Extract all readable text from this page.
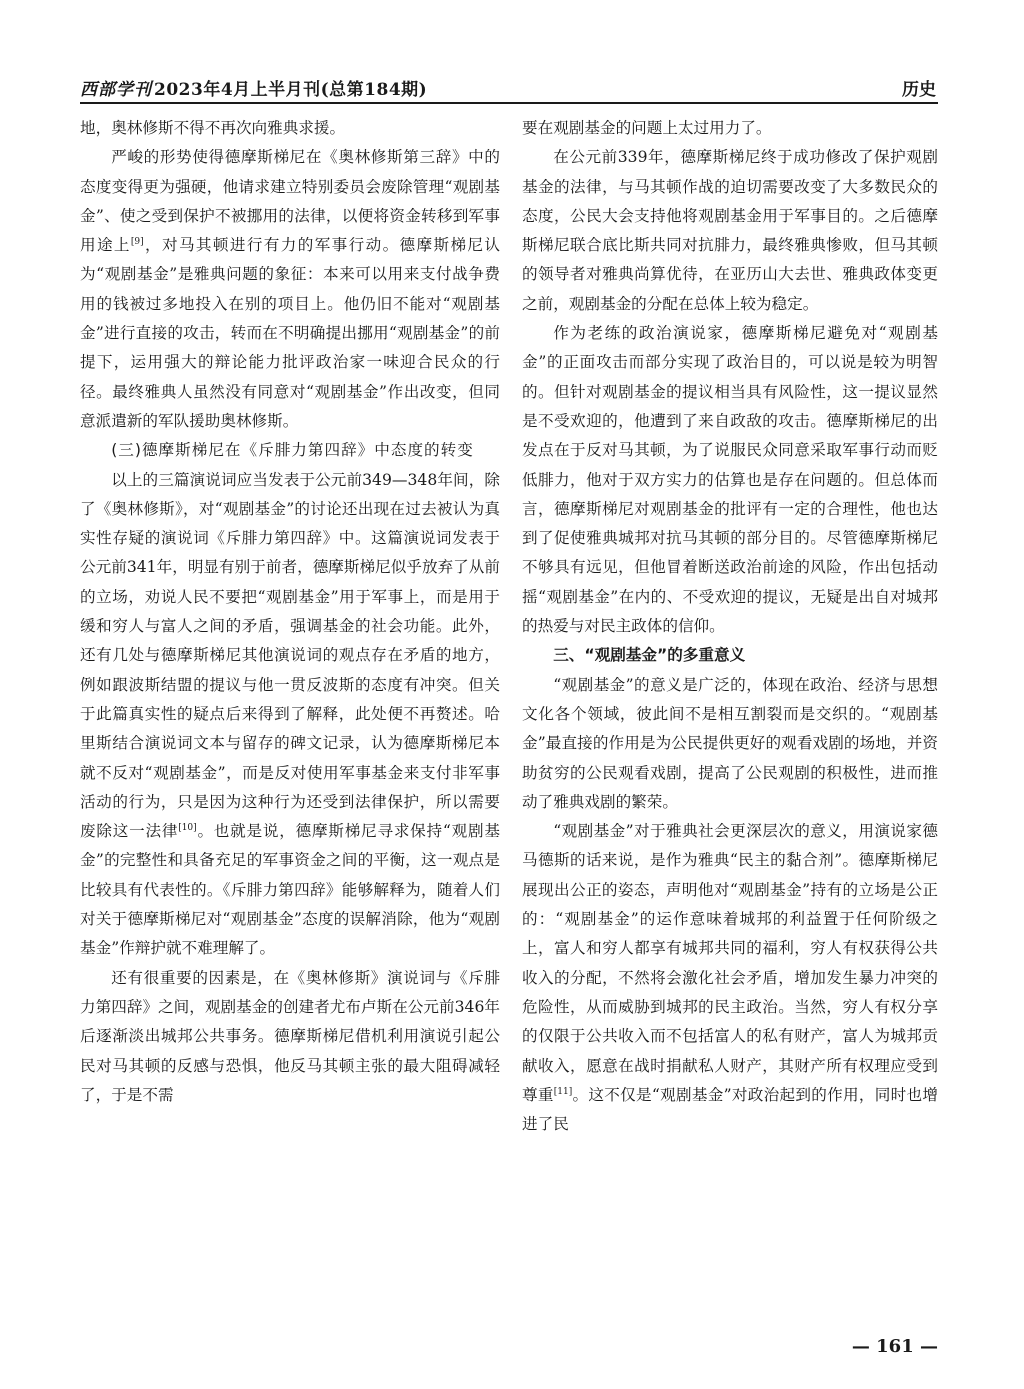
西部学刊 2023年4月上半月刊(总第184期)	历史

地，奥林修斯不得不再次向雅典求援。

严峻的形势使得德摩斯梯尼在《奥林修斯第三辞》中的态度变得更为强硬，他请求建立特别委员会废除管理“观剧基金”、使之受到保护不被挪用的法律，以便将资金转移到军事用途上[9]，对马其顿进行有力的军事行动。德摩斯梯尼认为“观剧基金”是雅典问题的象征：本来可以用来支付战争费用的钱被过多地投入在别的项目上。他仍旧不能对“观剧基金”进行直接的攻击，转而在不明确提出挪用“观剧基金”的前提下，运用强大的辩论能力批评政治家一味迎合民众的行径。最终雅典人虽然没有同意对“观剧基金”作出改变，但同意派遣新的军队援助奥林修斯。

(三)德摩斯梯尼在《斥腓力第四辞》中态度的转变

以上的三篇演说词应当发表于公元前349—348年间，除了《奥林修斯》，对“观剧基金”的讨论还出现在过去被认为真实性存疑的演说词《斥腓力第四辞》中。这篇演说词发表于公元前341年，明显有别于前者，德摩斯梯尼似乎放弃了从前的立场，劝说人民不要把“观剧基金”用于军事上，而是用于缓和穷人与富人之间的矛盾，强调基金的社会功能。此外，还有几处与德摩斯梯尼其他演说词的观点存在矛盾的地方，例如跟波斯结盟的提议与他一贯反波斯的态度有冲突。但关于此篇真实性的疑点后来得到了解释，此处便不再赘述。哈里斯结合演说词文本与留存的碑文记录，认为德摩斯梯尼本就不反对“观剧基金”，而是反对使用军事基金来支付非军事活动的行为，只是因为这种行为还受到法律保护，所以需要废除这一法律[10]。也就是说，德摩斯梯尼寻求保持“观剧基金”的完整性和具备充足的军事资金之间的平衡，这一观点是比较具有代表性的。《斥腓力第四辞》能够解释为，随着人们对关于德摩斯梯尼对“观剧基金”态度的误解消除，他为“观剧基金”作辩护就不难理解了。

还有很重要的因素是，在《奥林修斯》演说词与《斥腓力第四辞》之间，观剧基金的创建者尤布卢斯在公元前346年后逐渐淡出城邦公共事务。德摩斯梯尼借机利用演说引起公民对马其顿的反感与恐惧，他反马其顿主张的最大阻碍减轻了，于是不需

要在观剧基金的问题上太过用力了。

在公元前339年，德摩斯梯尼终于成功修改了保护观剧基金的法律，与马其顿作战的迫切需要改变了大多数民众的态度，公民大会支持他将观剧基金用于军事目的。之后德摩斯梯尼联合底比斯共同对抗腓力，最终雅典惨败，但马其顿的领导者对雅典尚算优待，在亚历山大去世、雅典政体变更之前，观剧基金的分配在总体上较为稳定。

作为老练的政治演说家，德摩斯梯尼避免对“观剧基金”的正面攻击而部分实现了政治目的，可以说是较为明智的。但针对观剧基金的提议相当具有风险性，这一提议显然是不受欢迎的，他遭到了来自政敌的攻击。德摩斯梯尼的出发点在于反对马其顿，为了说服民众同意采取军事行动而贬低腓力，他对于双方实力的估算也是存在问题的。但总体而言，德摩斯梯尼对观剧基金的批评有一定的合理性，他也达到了促使雅典城邦对抗马其顿的部分目的。尽管德摩斯梯尼不够具有远见，但他冒着断送政治前途的风险，作出包括动摇“观剧基金”在内的、不受欢迎的提议，无疑是出自对城邦的热爱与对民主政体的信仰。

三、“观剧基金”的多重意义

“观剧基金”的意义是广泛的，体现在政治、经济与思想文化各个领域，彼此间不是相互割裂而是交织的。“观剧基金”最直接的作用是为公民提供更好的观看戏剧的场地，并资助贫穷的公民观看戏剧，提高了公民观剧的积极性，进而推动了雅典戏剧的繁荣。

“观剧基金”对于雅典社会更深层次的意义，用演说家德马德斯的话来说，是作为雅典“民主的黏合剂”。德摩斯梯尼展现出公正的姿态，声明他对“观剧基金”持有的立场是公正的：“观剧基金”的运作意味着城邦的利益置于任何阶级之上，富人和穷人都享有城邦共同的福利，穷人有权获得公共收入的分配，不然将会激化社会矛盾，增加发生暴力冲突的危险性，从而威胁到城邦的民主政治。当然，穷人有权分享的仅限于公共收入而不包括富人的私有财产，富人为城邦贡献收入，愿意在战时捐献私人财产，其财产所有权理应受到尊重[11]。这不仅是“观剧基金”对政治起到的作用，同时也增进了民

— 161 —
